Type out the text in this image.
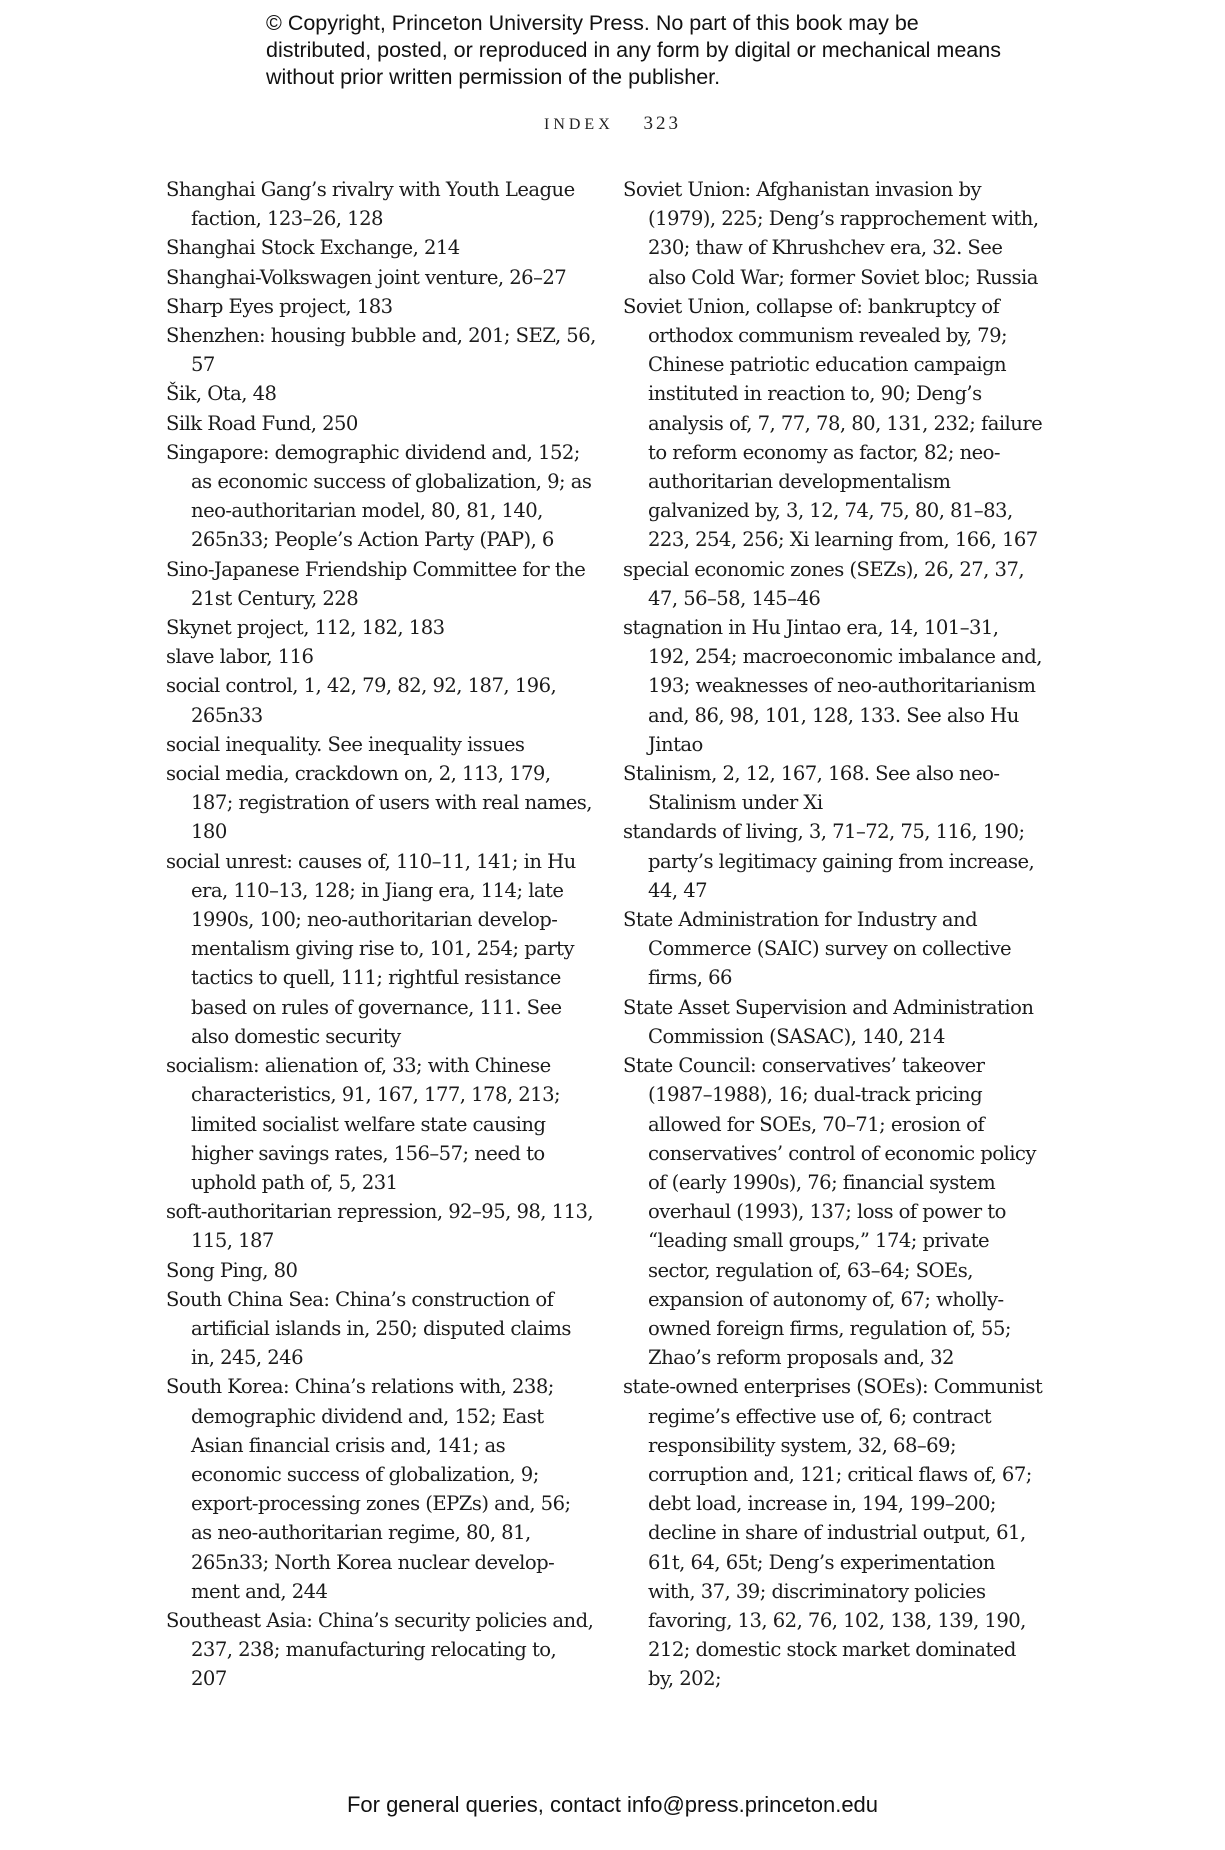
© Copyright, Princeton University Press. No part of this book may be distributed, posted, or reproduced in any form by digital or mechanical means without prior written permission of the publisher.
INDEX 323

Shanghai Gang’s rivalry with Youth League faction, 123–26, 128

Shanghai Stock Exchange, 214

Shanghai-Volkswagen joint venture, 26–27

Sharp Eyes project, 183

Shenzhen: housing bubble and, 201; SEZ, 56, 57

Šik, Ota, 48

Silk Road Fund, 250

Singapore: demographic dividend and, 152; as economic success of globalization, 9; as neo-authoritarian model, 80, 81, 140, 265n33; People’s Action Party (PAP), 6

Sino-Japanese Friendship Committee for the 21st Century, 228

Skynet project, 112, 182, 183

slave labor, 116

social control, 1, 42, 79, 82, 92, 187, 196, 265n33

social inequality. See inequality issues

social media, crackdown on, 2, 113, 179, 187; registration of users with real names, 180

social unrest: causes of, 110–11, 141; in Hu era, 110–13, 128; in Jiang era, 114; late 1990s, 100; neo-authoritarian developmentalism giving rise to, 101, 254; party tactics to quell, 111; rightful resistance based on rules of governance, 111. See also domestic security

socialism: alienation of, 33; with Chinese characteristics, 91, 167, 177, 178, 213; limited socialist welfare state causing higher savings rates, 156–57; need to uphold path of, 5, 231

soft-authoritarian repression, 92–95, 98, 113, 115, 187

Song Ping, 80

South China Sea: China’s construction of artificial islands in, 250; disputed claims in, 245, 246

South Korea: China’s relations with, 238; demographic dividend and, 152; East Asian financial crisis and, 141; as economic success of globalization, 9; export-processing zones (EPZs) and, 56; as neo-authoritarian regime, 80, 81, 265n33; North Korea nuclear development and, 244

Southeast Asia: China’s security policies and, 237, 238; manufacturing relocating to, 207

Soviet Union: Afghanistan invasion by (1979), 225; Deng’s rapprochement with, 230; thaw of Khrushchev era, 32. See also Cold War; former Soviet bloc; Russia

Soviet Union, collapse of: bankruptcy of orthodox communism revealed by, 79; Chinese patriotic education campaign instituted in reaction to, 90; Deng’s analysis of, 7, 77, 78, 80, 131, 232; failure to reform economy as factor, 82; neo-authoritarian developmentalism galvanized by, 3, 12, 74, 75, 80, 81–83, 223, 254, 256; Xi learning from, 166, 167

special economic zones (SEZs), 26, 27, 37, 47, 56–58, 145–46

stagnation in Hu Jintao era, 14, 101–31, 192, 254; macroeconomic imbalance and, 193; weaknesses of neo-authoritarianism and, 86, 98, 101, 128, 133. See also Hu Jintao

Stalinism, 2, 12, 167, 168. See also neo-Stalinism under Xi

standards of living, 3, 71–72, 75, 116, 190; party’s legitimacy gaining from increase, 44, 47

State Administration for Industry and Commerce (SAIC) survey on collective firms, 66

State Asset Supervision and Administration Commission (SASAC), 140, 214

State Council: conservatives’ takeover (1987–1988), 16; dual-track pricing allowed for SOEs, 70–71; erosion of conservatives’ control of economic policy of (early 1990s), 76; financial system overhaul (1993), 137; loss of power to “leading small groups,” 174; private sector, regulation of, 63–64; SOEs, expansion of autonomy of, 67; wholly-owned foreign firms, regulation of, 55; Zhao’s reform proposals and, 32

state-owned enterprises (SOEs): Communist regime’s effective use of, 6; contract responsibility system, 32, 68–69; corruption and, 121; critical flaws of, 67; debt load, increase in, 194, 199–200; decline in share of industrial output, 61, 61t, 64, 65t; Deng’s experimentation with, 37, 39; discriminatory policies favoring, 13, 62, 76, 102, 138, 139, 190, 212; domestic stock market dominated by, 202;

For general queries, contact info@press.princeton.edu
